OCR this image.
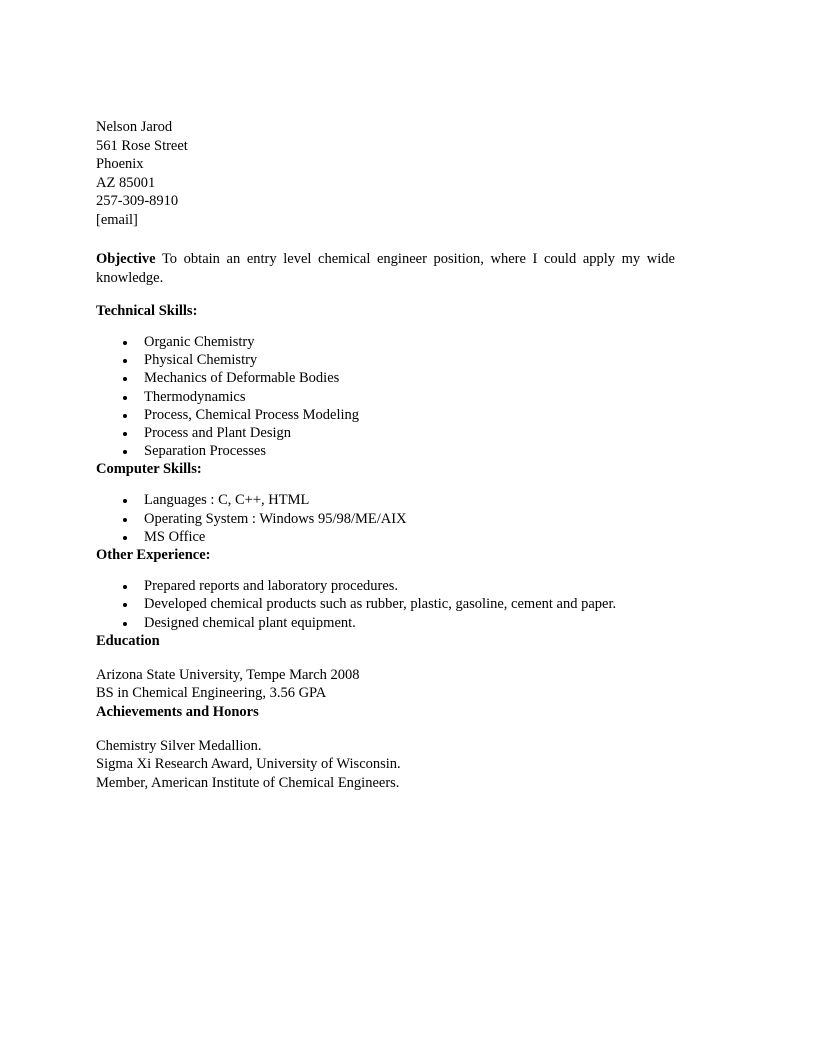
Nelson Jarod
561 Rose Street
Phoenix
AZ 85001
257-309-8910
[email]

Objective To obtain an entry level chemical engineer position, where I could apply my wide knowledge.

Technical Skills:
Organic Chemistry
Physical Chemistry
Mechanics of Deformable Bodies
Thermodynamics
Process, Chemical Process Modeling
Process and Plant Design
Separation Processes
Computer Skills:
Languages : C, C++, HTML
Operating System : Windows 95/98/ME/AIX
MS Office
Other Experience:
Prepared reports and laboratory procedures.
Developed chemical products such as rubber, plastic, gasoline, cement and paper.
Designed chemical plant equipment.
Education
Arizona State University, Tempe March 2008
BS in Chemical Engineering, 3.56 GPA
Achievements and Honors
Chemistry Silver Medallion.
Sigma Xi Research Award, University of Wisconsin.
Member, American Institute of Chemical Engineers.
